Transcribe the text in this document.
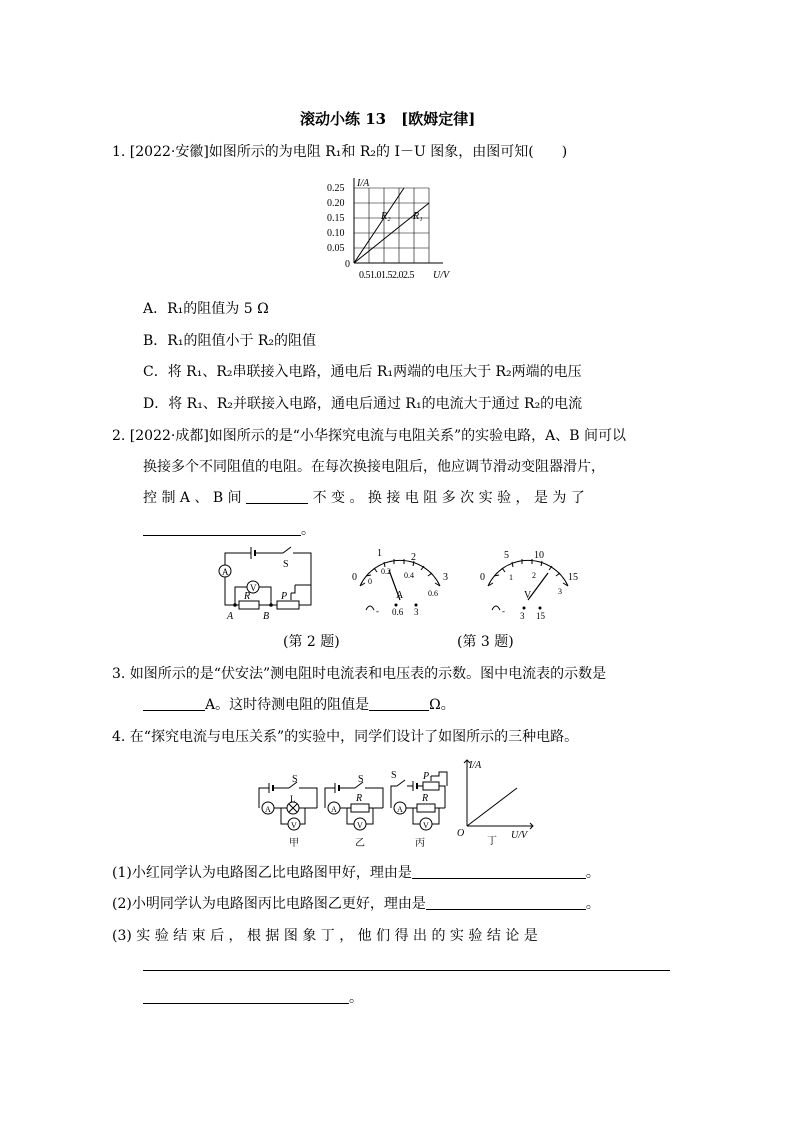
滚动小练 13　[欧姆定律]
1. [2022·安徽]如图所示的为电阻 R₁和 R₂的 I－U 图象，由图可知(　　)
I/A
0.25
0.20
0.15
0.10
0.05
0
0.51.01.52.02.5 U/V
R₂ R₁
A．R₁的阻值为 5 Ω
B．R₁的阻值小于 R₂的阻值
C．将 R₁、R₂串联接入电路，通电后 R₁两端的电压大于 R₂两端的电压
D．将 R₁、R₂并联接入电路，通电后通过 R₁的电流大于通过 R₂的电流
2. [2022·成都]如图所示的是“小华探究电流与电阻关系”的实验电路，A、B 间可以
换接多个不同阻值的电阻。在每次换接电阻后，他应调节滑动变阻器滑片，
控 制 A 、 B 间	不 变 。 换 接 电 阻 多 次 实 验 ， 是 为 了
。
A
V
S
R	P
A	B
0
1	2
3
0
0.2 0.4
0.6
A
- 0.6 3
0
5	10
15
1 2
3
V
- 3 15
(第 2 题)	(第 3 题)
3. 如图所示的是“伏安法”测电阻时电流表和电压表的示数。图中电流表的示数是
A。这时待测电阻的阻值是	Ω。
4. 在“探究电流与电压关系”的实验中，同学们设计了如图所示的三种电路。
S
A
L
V
甲
S
A
R
V
乙
S	P
A
R
V
丙
I/A
O	U/V
丁
(1)小红同学认为电路图乙比电路图甲好，理由是	。
(2)小明同学认为电路图丙比电路图乙更好，理由是	。
(3) 实 验 结 束 后 ， 根 据 图 象 丁 ， 他 们 得 出 的 实 验 结 论 是
。
